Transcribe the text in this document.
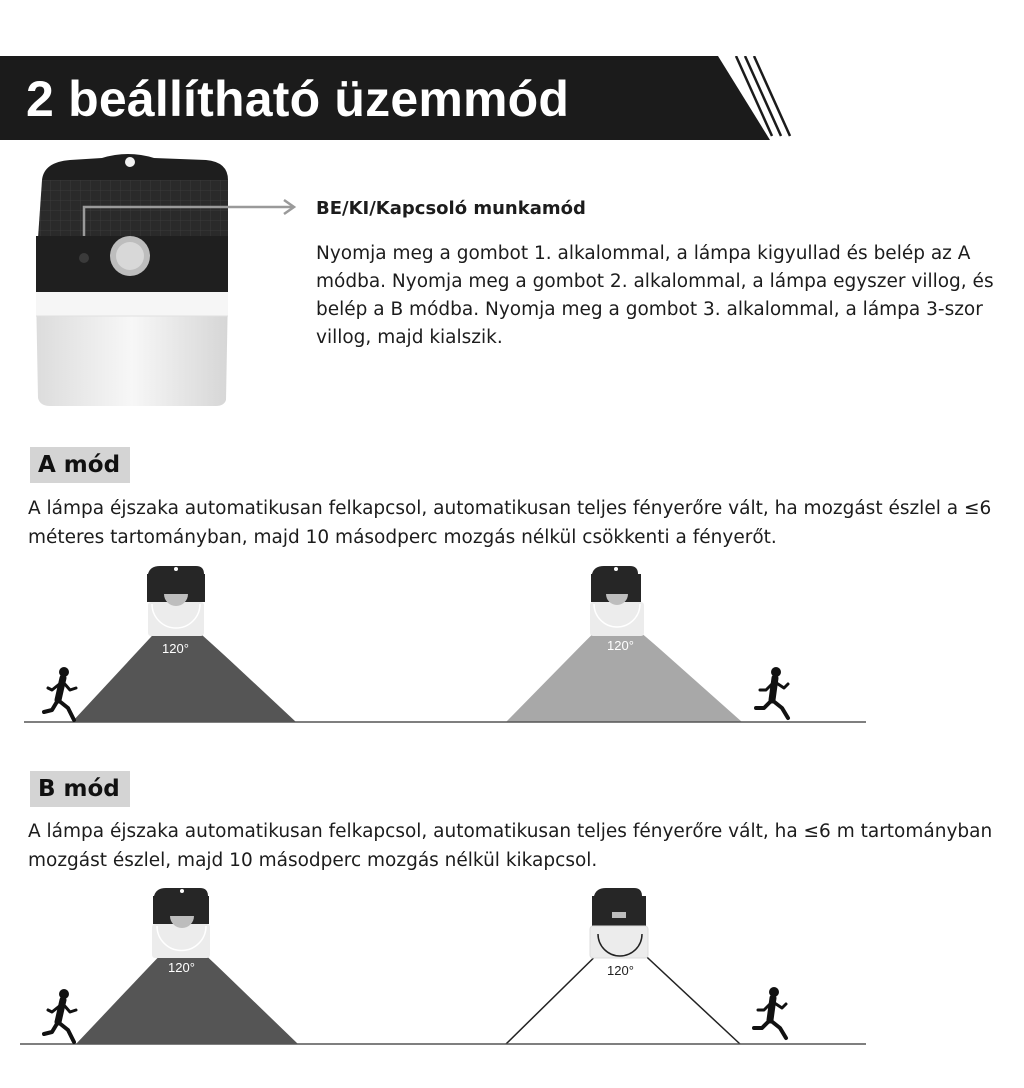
2 beállítható üzemmód
BE/KI/Kapcsoló munkamód
Nyomja meg a gombot 1. alkalommal, a lámpa kigyullad és belép az A módba. Nyomja meg a gombot 2. alkalommal, a lámpa egyszer villog, és belép a B módba. Nyomja meg a gombot 3. alkalommal, a lámpa 3-szor villog, majd kialszik.
A mód
A lámpa éjszaka automatikusan felkapcsol, automatikusan teljes fényerőre vált, ha mozgást észlel a ≤6 méteres tartományban, majd 10 másodperc mozgás nélkül csökkenti a fényerőt.
120°	120°
B mód
A lámpa éjszaka automatikusan felkapcsol, automatikusan teljes fényerőre vált, ha ≤6 m tartományban mozgást észlel, majd 10 másodperc mozgás nélkül kikapcsol.
120°	120°
